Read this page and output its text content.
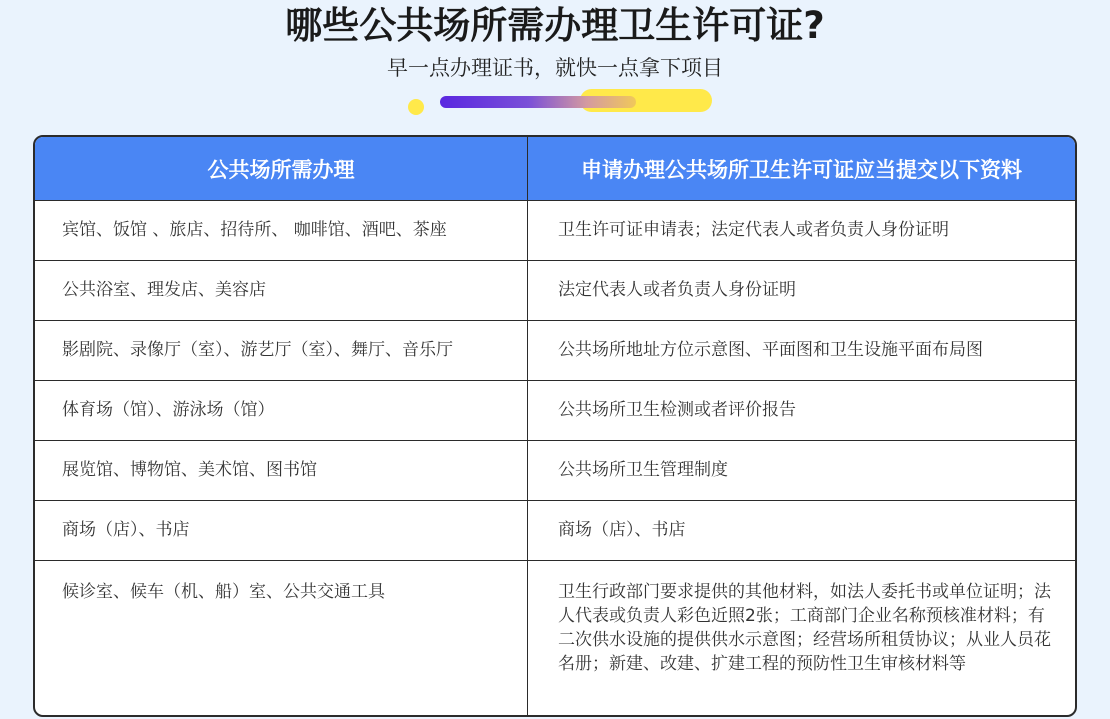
哪些公共场所需办理卫生许可证?
早一点办理证书，就快一点拿下项目
公共场所需办理	申请办理公共场所卫生许可证应当提交以下资料
宾馆、饭馆 、旅店、招待所、 咖啡馆、酒吧、茶座	卫生许可证申请表；法定代表人或者负责人身份证明
公共浴室、理发店、美容店	法定代表人或者负责人身份证明
影剧院、录像厅（室）、游艺厅（室）、舞厅、音乐厅	公共场所地址方位示意图、平面图和卫生设施平面布局图
体育场（馆）、游泳场（馆）	公共场所卫生检测或者评价报告
展览馆、博物馆、美术馆、图书馆	公共场所卫生管理制度
商场（店）、书店	商场（店）、书店
候诊室、候车（机、船）室、公共交通工具	卫生行政部门要求提供的其他材料，如法人委托书或单位证明；法人代表或负责人彩色近照2张；工商部门企业名称预核准材料；有二次供水设施的提供供水示意图；经营场所租赁协议；从业人员花名册；新建、改建、扩建工程的预防性卫生审核材料等
